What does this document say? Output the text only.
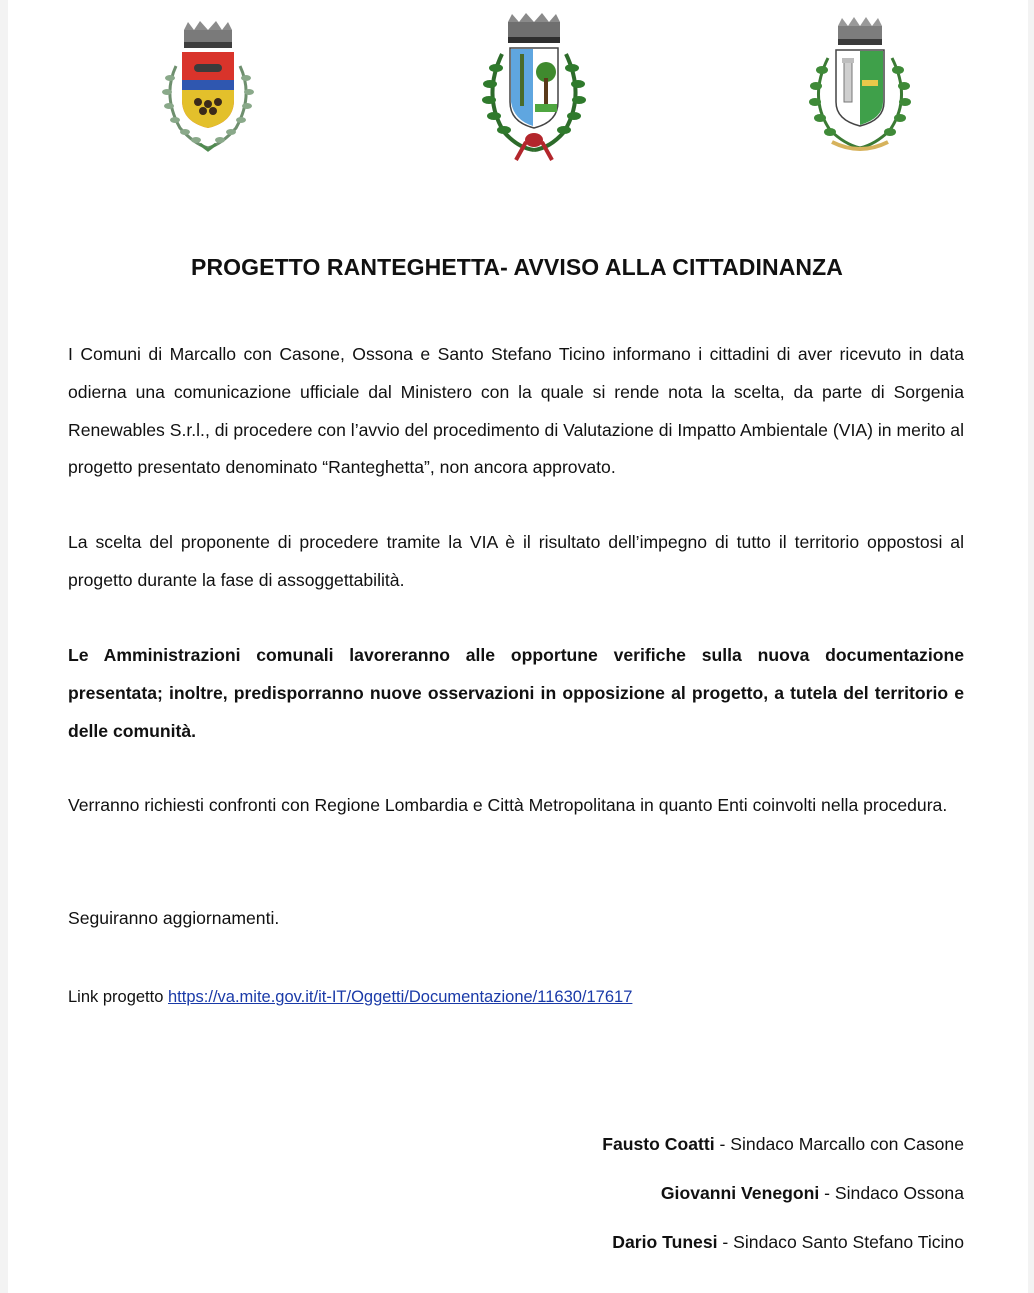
PROGETTO RANTEGHETTA- AVVISO ALLA CITTADINANZA

I Comuni di Marcallo con Casone, Ossona e Santo Stefano Ticino informano i cittadini di aver ricevuto in data odierna una comunicazione ufficiale dal Ministero con la quale si rende nota la scelta, da parte di Sorgenia Renewables S.r.l., di procedere con l’avvio del procedimento di Valutazione di Impatto Ambientale (VIA) in merito al progetto presentato denominato “Ranteghetta”, non ancora approvato.

La scelta del proponente di procedere tramite la VIA è il risultato dell’impegno di tutto il territorio oppostosi al progetto durante la fase di assoggettabilità.

Le Amministrazioni comunali lavoreranno alle opportune verifiche sulla nuova documentazione presentata; inoltre, predisporranno nuove osservazioni in opposizione al progetto, a tutela del territorio e delle comunità.

Verranno richiesti confronti con Regione Lombardia e Città Metropolitana in quanto Enti coinvolti nella procedura.

Seguiranno aggiornamenti.

Link progetto https://va.mite.gov.it/it-IT/Oggetti/Documentazione/11630/17617
Fausto Coatti - Sindaco Marcallo con Casone
Giovanni Venegoni - Sindaco Ossona
Dario Tunesi - Sindaco Santo Stefano Ticino
